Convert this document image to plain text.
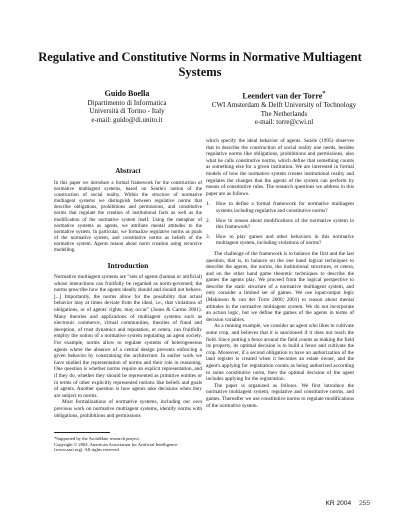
Regulative and Constitutive Norms in Normative Multiagent Systems
Guido Boella
Dipartimento di Informatica
Università di Torino - Italy
e-mail: guido@di.unito.it
Leendert van der Torre*
CWI Amsterdam & Delft University of Technology
The Netherlands
e-mail: torre@cwi.nl
Abstract

In this paper we introduce a formal framework for the construction of normative multiagent systems, based on Searle's notion of the construction of social reality. Within the structure of normative multiagent systems we distinguish between regulative norms that describe obligations, prohibitions and permissions, and constitutive norms that regulate the creation of institutional facts as well as the modification of the normative system itself. Using the metaphor of normative systems as agents, we attribute mental attitudes to the normative system. In particular, we formalize regulative norms as goals of the normative system, and constitutive norms as beliefs of the normative system. Agents reason about norm creation using recursive modelling.

Introduction

Normative multiagent systems are "sets of agents (human or artificial) whose interactions can fruitfully be regarded as norm-governed; the norms prescribe how the agents ideally should and should not behave. [...] Importantly, the norms allow for the possibility that actual behavior may at times deviate from the ideal, i.e., that violations of obligations, or of agents' rights, may occur" (Jones & Carmo 2001). Many theories and applications of multiagent systems such as electronic commerce, virtual communities, theories of fraud and deception, of trust dynamics and reputation, et cetera, can fruitfully employ the notion of a normative system regulating an agent society. For example, norms allow to regulate systems of heterogeneous agents where the absence of a central design prevents enforcing a given behavior by constraining the architecture. In earlier work we have studied the representation of norms and their role in reasoning. One question is whether norms require an explicit representation, and if they do, whether they should be represented as primitive entities or in terms of other explicitly represented notions like beliefs and goals of agents. Another question is how agents take decisions when they are subject to norms.

Most formalizations of normative systems, including our own previous work on normative multiagent systems, identify norms with obligations, prohibitions and permissions

which specify the ideal behavior of agents. Searle (1995) observes that to describe the construction of social reality one needs, besides regulative norms like obligations, prohibitions and permissions, also what he calls constitutive norms, which define that something counts as something else for a given institution. We are interested in formal models of how the normative system creates institutional reality and regulates the changes that the agents of the system can perform by means of constitutive rules. The research questions we address in this paper are as follows.

1. How to define a formal framework for normative multiagent systems including regulative and constitutive norms?
2. How to reason about modifications of the normative system in this framework?
3. How to play games and other behaviors in this normative multiagent system, including violations of norms?

The challenge of the framework is to balance the first and the last question, that is, to balance on the one hand logical techniques to describe the agents, the norms, the institutional structures, et cetera, and on the other hand game theoretic techniques to describe the games the agents play. We proceed from the logical perspective to describe the static structure of a normative multiagent system, and only consider a limited set of games. We use input/output logic (Makinson & van der Torre 2000; 2001) to reason about mental attitudes in the normative multiagent system. We do not incorporate an action logic, but we define the games of the agents in terms of decision variables.

As a running example, we consider an agent who likes to cultivate some crop, and believes that it is sanctioned if it does not reach the field. Since putting a fence around the field counts as making the field its property, its optimal decision is to build a fence and cultivate the crop. Moreover, if a second obligation to have an authorization of the land register is created when it becomes an estate owner, and the agent's applying for registration counts as being authorized according to some constitutive norm, then the optimal decision of the agent includes applying for the registration.

The paper is organized as follows. We first introduce the normative multiagent system, regulative and constitutive norms, and games. Thereafter we use constitutive norms to regulate modifications of the normative system.

*Supported by the ArchiMate research project.
Copyright © 2004, American Association for Artificial Intelligence (www.aaai.org). All rights reserved.
KR 2004 255
